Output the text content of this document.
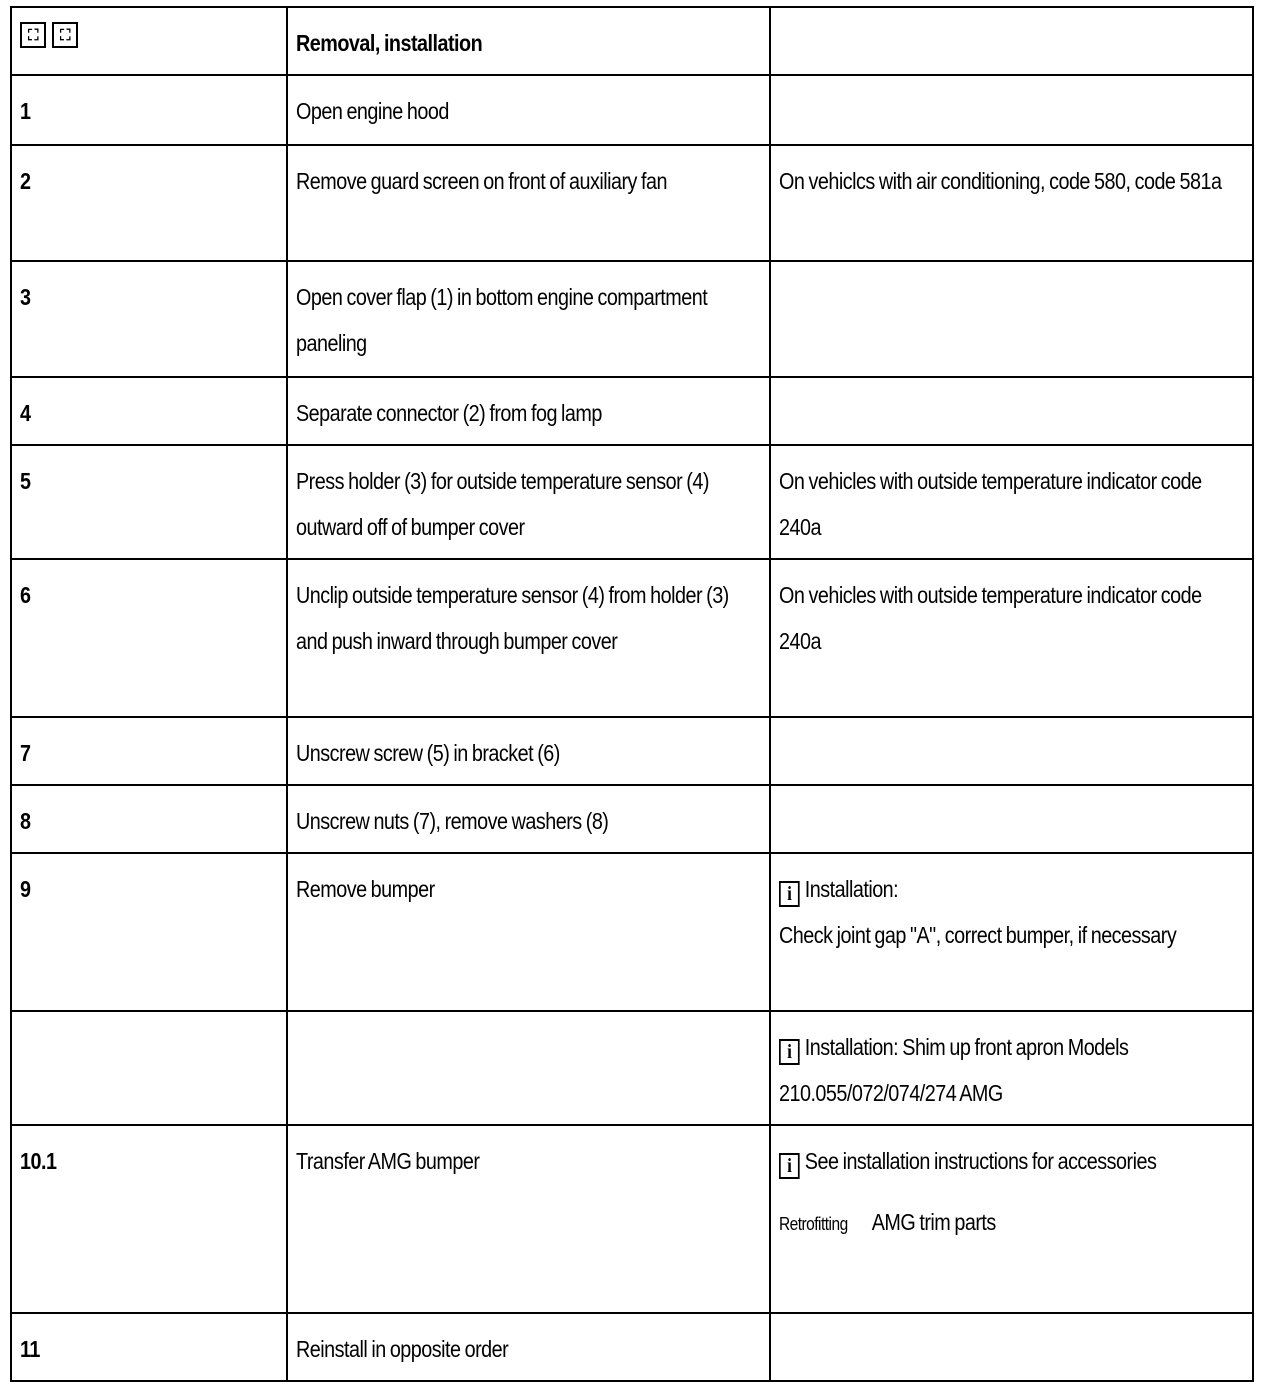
⛶ ⛶	Removal, installation	
1	Open engine hood	
2	Remove guard screen on front of auxiliary fan	On vehiclcs with air conditioning, code 580, code 581a
3	Open cover flap (1) in bottom engine compartment paneling	
4	Separate connector (2) from fog lamp	
5	Press holder (3) for outside temperature sensor (4) outward off of bumper cover	On vehicles with outside temperature indicator code 240a
6	Unclip outside temperature sensor (4) from holder (3) and push inward through bumper cover	On vehicles with outside temperature indicator code 240a
7	Unscrew screw (5) in bracket (6)	
8	Unscrew nuts (7), remove washers (8)	
9	Remove bumper	i Installation:
Check joint gap "A", correct bumper, if necessary
		i Installation: Shim up front apron Models 210.055/072/074/274 AMG
10.1	Transfer AMG bumper	i See installation instructions for accessories
Retrofitting AMG trim parts

11	Reinstall in opposite order	
